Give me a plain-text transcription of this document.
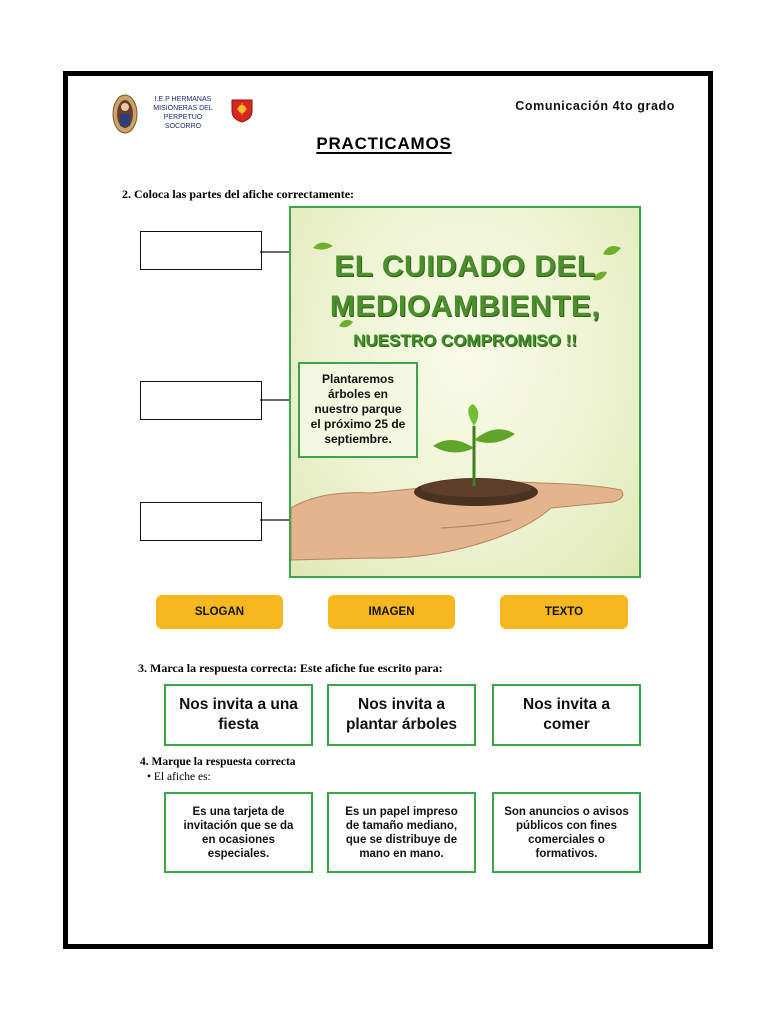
I.E.P HERMANAS
MISIONERAS DEL PERPETUO
SOCORRO
Comunicación 4to grado
PRACTICAMOS
2. Coloca las partes del afiche correctamente:
EL CUIDADO DEL
MEDIOAMBIENTE,
NUESTRO COMPROMISO !!
Plantaremos
árboles en
nuestro parque
el próximo 25 de
septiembre.
SLOGAN	IMAGEN	TEXTO
3. Marca la respuesta correcta: Este afiche fue escrito para:
Nos invita a una
fiesta
Nos invita a
plantar árboles
Nos invita a
comer
4. Marque la respuesta correcta
• El afiche es:
Es una tarjeta de
invitación que se da
en ocasiones
especiales.
Es un papel impreso
de tamaño mediano,
que se distribuye de
mano en mano.
Son anuncios o avisos
públicos con fines
comerciales o
formativos.
